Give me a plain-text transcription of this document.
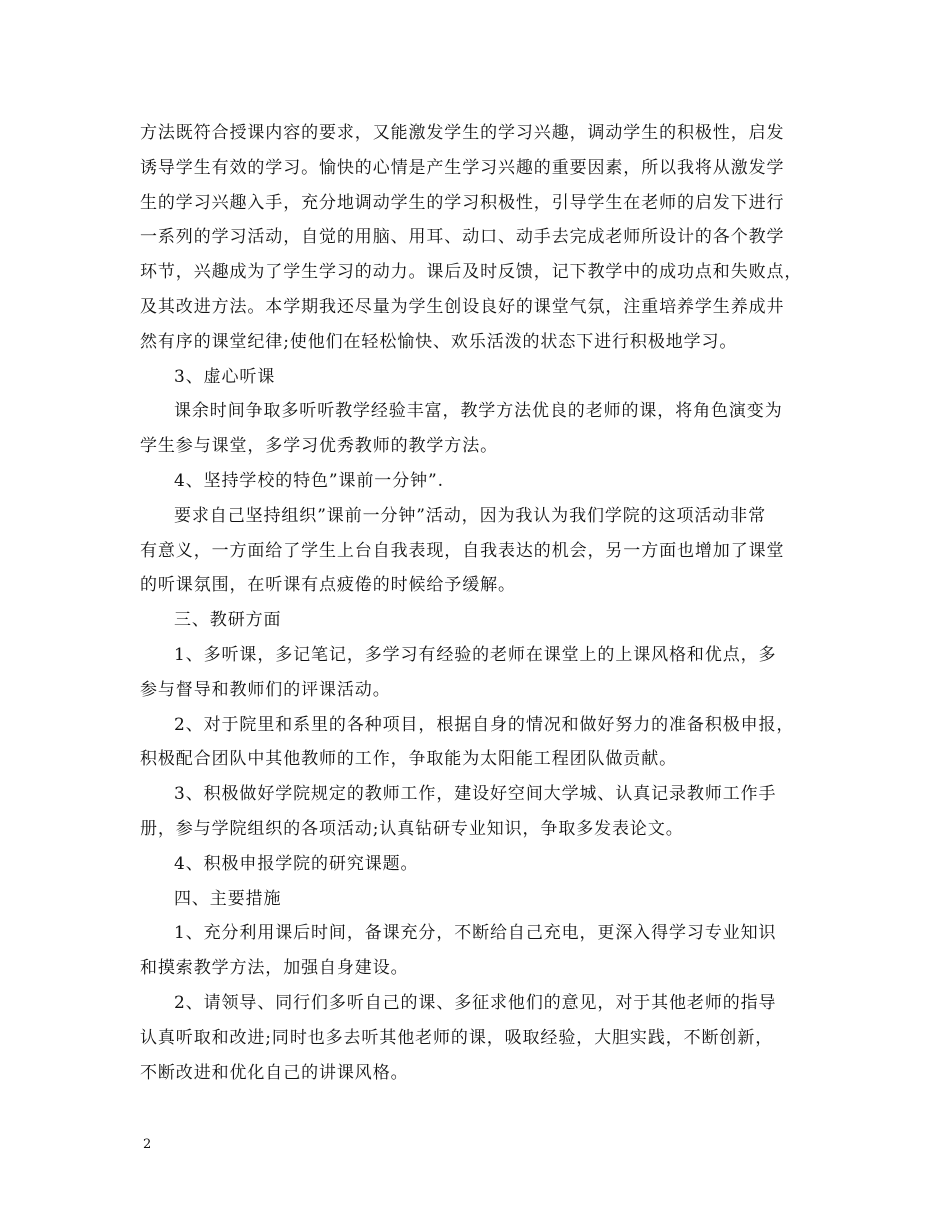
方法既符合授课内容的要求，又能激发学生的学习兴趣，调动学生的积极性，启发
诱导学生有效的学习。愉快的心情是产生学习兴趣的重要因素，所以我将从激发学
生的学习兴趣入手，充分地调动学生的学习积极性，引导学生在老师的启发下进行
一系列的学习活动，自觉的用脑、用耳、动口、动手去完成老师所设计的各个教学
环节，兴趣成为了学生学习的动力。课后及时反馈，记下教学中的成功点和失败点，
及其改进方法。本学期我还尽量为学生创设良好的课堂气氛，注重培养学生养成井
然有序的课堂纪律;使他们在轻松愉快、欢乐活泼的状态下进行积极地学习。
3、虚心听课
课余时间争取多听听教学经验丰富，教学方法优良的老师的课，将角色演变为
学生参与课堂，多学习优秀教师的教学方法。
4、坚持学校的特色”课前一分钟”.
要求自己坚持组织”课前一分钟”活动，因为我认为我们学院的这项活动非常
有意义，一方面给了学生上台自我表现，自我表达的机会，另一方面也增加了课堂
的听课氛围，在听课有点疲倦的时候给予缓解。
三、教研方面
1、多听课，多记笔记，多学习有经验的老师在课堂上的上课风格和优点，多
参与督导和教师们的评课活动。
2、对于院里和系里的各种项目，根据自身的情况和做好努力的准备积极申报，
积极配合团队中其他教师的工作，争取能为太阳能工程团队做贡献。
3、积极做好学院规定的教师工作，建设好空间大学城、认真记录教师工作手
册，参与学院组织的各项活动;认真钻研专业知识，争取多发表论文。
4、积极申报学院的研究课题。
四、主要措施
1、充分利用课后时间，备课充分，不断给自己充电，更深入得学习专业知识
和摸索教学方法，加强自身建设。
2、请领导、同行们多听自己的课、多征求他们的意见，对于其他老师的指导
认真听取和改进;同时也多去听其他老师的课，吸取经验，大胆实践，不断创新，
不断改进和优化自己的讲课风格。
2
